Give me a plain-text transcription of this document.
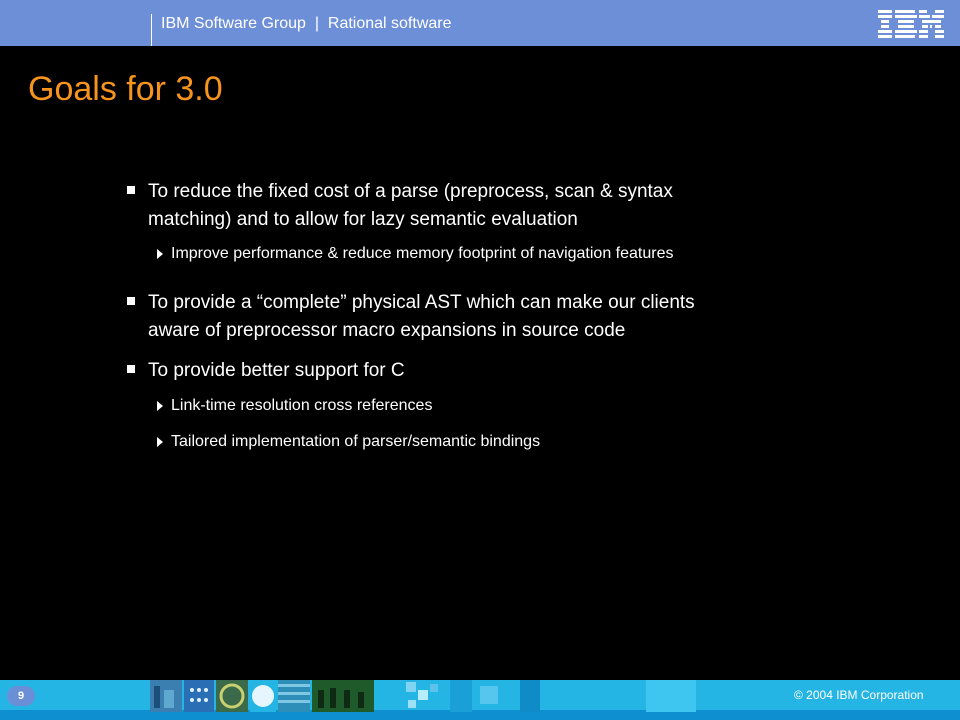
IBM Software Group  |  Rational software
Goals for 3.0
To reduce the fixed cost of a parse (preprocess, scan & syntax
matching) and to allow for lazy semantic evaluation
Improve performance & reduce memory footprint of navigation features
To provide a “complete” physical AST which can make our clients
aware of preprocessor macro expansions in source code
To provide better support for C
Link-time resolution cross references
Tailored implementation of parser/semantic bindings
9	© 2004 IBM Corporation
